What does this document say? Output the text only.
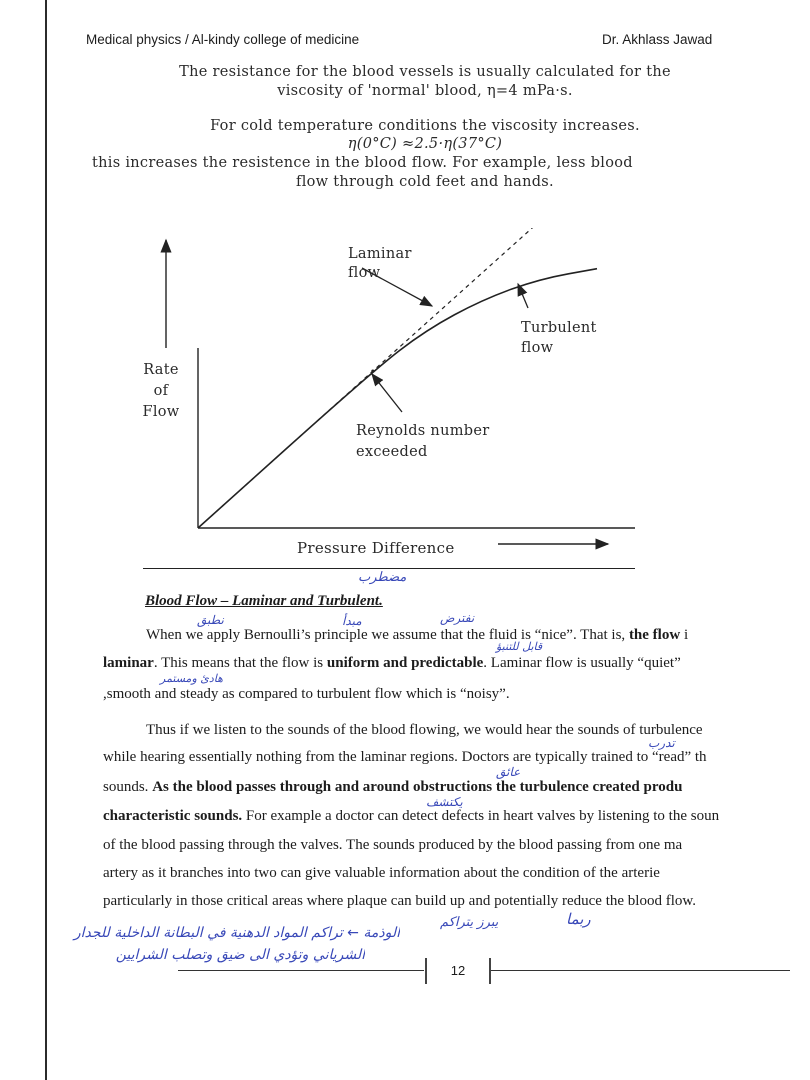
Medical physics / Al-kindy college of medicine	Dr. Akhlass Jawad
The resistance for the blood vessels is usually calculated for the
viscosity of 'normal' blood, η=4 mPa·s.
For cold temperature conditions the viscosity increases.
η(0°C) ≈2.5·η(37°C)
this increases the resistence in the blood flow. For example, less blood
flow through cold feet and hands.
Rate
of
Flow
Pressure Difference
Laminar
flow
Turbulent
flow
Reynolds number
exceeded
مضطرب
Blood Flow – Laminar and Turbulent.
نطبق	مبدأ	نفترض
قابل للتنبؤ
هادئ ومستمر
When we apply Bernoulli’s principle we assume that the fluid is “nice”. That is, the flow i
laminar. This means that the flow is uniform and predictable. Laminar flow is usually “quiet”
,smooth and steady as compared to turbulent flow which is “noisy”.
Thus if we listen to the sounds of the blood flowing, we would hear the sounds of turbulence
تدرب
while hearing essentially nothing from the laminar regions. Doctors are typically trained to “read” th
عائق
sounds. As the blood passes through and around obstructions the turbulence created produ
يكتشف
characteristic sounds. For example a doctor can detect defects in heart valves by listening to the soun
of the blood passing through the valves. The sounds produced by the blood passing from one ma
artery as it branches into two can give valuable information about the condition of the arterie
particularly in those critical areas where plaque can build up and potentially reduce the blood flow.
ربما
يبرز يتراكم
الوذمة ← تراكم المواد الدهنية في البطانة الداخلية للجدار
الشرياني وتؤدي الى ضيق وتصلب الشرايين
12
